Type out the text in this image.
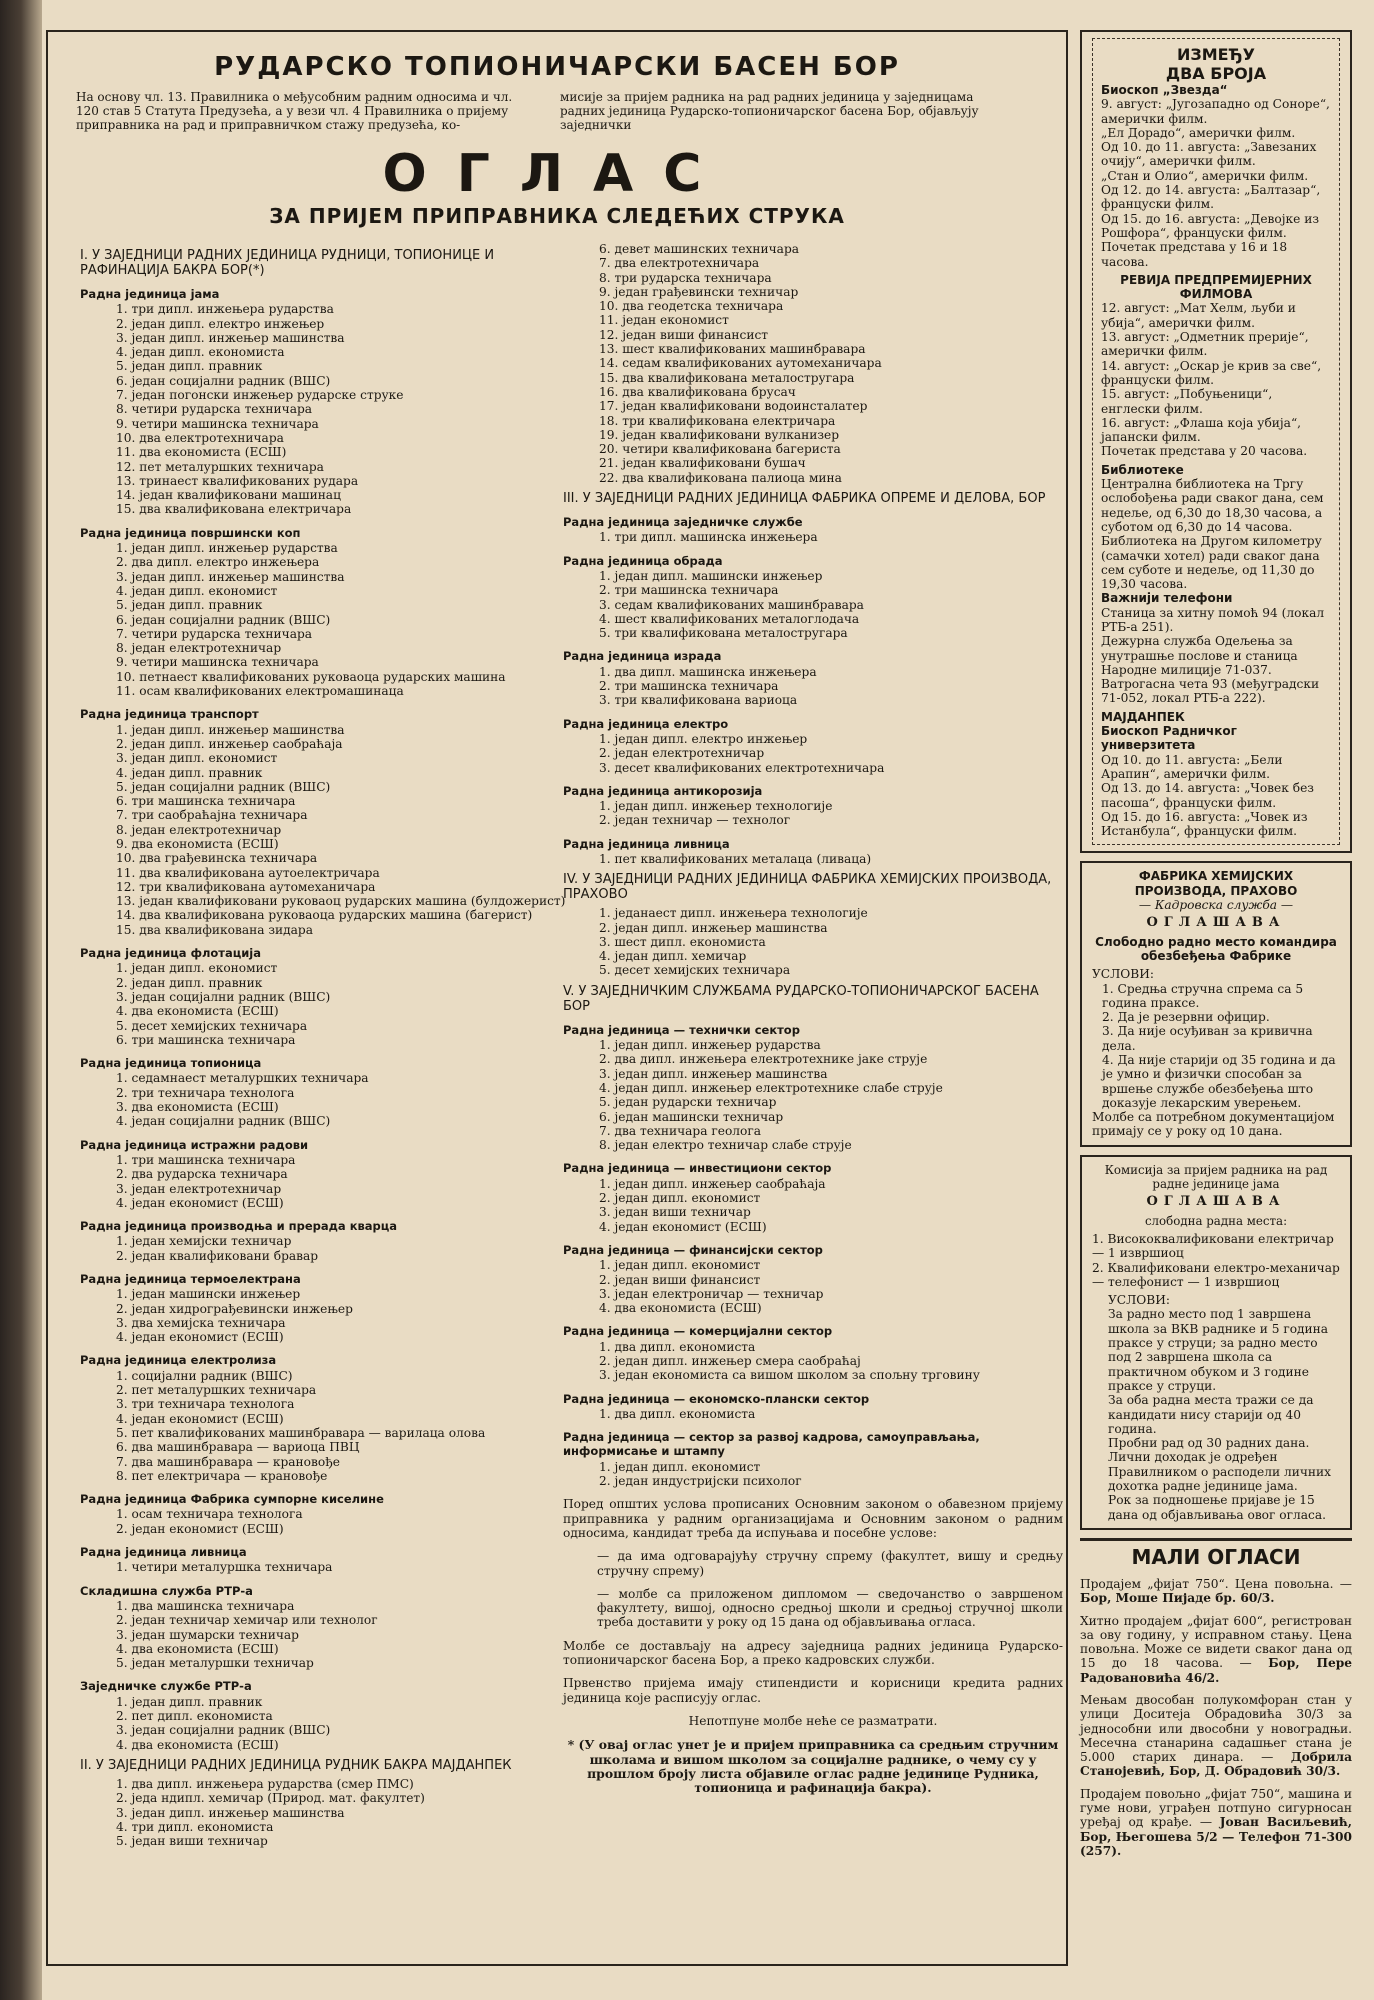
РУДАРСКО ТОПИОНИЧАРСКИ БАСЕН БОР
На основу чл. 13. Правилника о међусобним радним односима и чл. 120 став 5 Статута Предузећа, а у вези чл. 4 Правилника о пријему приправника на рад и приправничком стажу предузећа, ко-
мисије за пријем радника на рад радних јединица у заједницама радних јединица Рударско-топионичарског басена Бор, објављују заједнички
ОГЛАС
ЗА ПРИЈЕМ ПРИПРАВНИКА СЛЕДЕЋИХ СТРУКА
I. У ЗАЈЕДНИЦИ РАДНИХ ЈЕДИНИЦА РУДНИЦИ, ТОПИОНИЦЕ И РАФИНАЦИЈА БАКРА БОР(*)
Радна јединица јама
1. три дипл. инжењера рударства
2. један дипл. електро инжењер
3. један дипл. инжењер машинства
4. један дипл. економиста
5. један дипл. правник
6. један социјални радник (ВШС)
7. један погонски инжењер рударске струке
8. четири рударска техничара
9. четири машинска техничара
10. два електротехничара
11. два економиста (ЕСШ)
12. пет металуршких техничара
13. тринаест квалификованих рудара
14. један квалификовани машинац
15. два квалификована електричара
Радна јединица површински коп
1. један дипл. инжењер рударства
2. два дипл. електро инжењера
3. један дипл. инжењер машинства
4. један дипл. економист
5. један дипл. правник
6. један социјални радник (ВШС)
7. четири рударска техничара
8. један електротехничар
9. четири машинска техничара
10. петнаест квалификованих руковаоца рударских машина
11. осам квалификованих електромашинаца
Радна јединица транспорт
1. један дипл. инжењер машинства
2. један дипл. инжењер саобраћаја
3. један дипл. економист
4. један дипл. правник
5. један социјални радник (ВШС)
6. три машинска техничара
7. три саобраћајна техничара
8. један електротехничар
9. два економиста (ЕСШ)
10. два грађевинска техничара
11. два квалификована аутоелектричара
12. три квалификована аутомеханичара
13. један квалификовани руковаоц рударских машина (булдожерист)
14. два квалификована руковаоца рударских машина (багерист)
15. два квалификована зидара
Радна јединица флотација
1. један дипл. економист
2. један дипл. правник
3. један социјални радник (ВШС)
4. два економиста (ЕСШ)
5. десет хемијских техничара
6. три машинска техничара
Радна јединица топионица
1. седамнаест металуршких техничара
2. три техничара технолога
3. два економиста (ЕСШ)
4. један социјални радник (ВШС)
Радна јединица истражни радови
1. три машинска техничара
2. два рударска техничара
3. један електротехничар
4. један економист (ЕСШ)
Радна јединица производња и прерада кварца
1. један хемијски техничар
2. један квалификовани бравар
Радна јединица термоелектрана
1. један машински инжењер
2. један хидрограђевински инжењер
3. два хемијска техничара
4. један економист (ЕСШ)
Радна јединица електролиза
1. социјални радник (ВШС)
2. пет металуршких техничара
3. три техничара технолога
4. један економист (ЕСШ)
5. пет квалификованих машинбравара — варилаца олова
6. два машинбравара — вариоца ПВЦ
7. два машинбравара — крановође
8. пет електричара — крановође
Радна јединица Фабрика сумпорне киселине
1. осам техничара технолога
2. један економист (ЕСШ)
Радна јединица ливница
1. четири металуршка техничара
Складишна служба РТР-а
1. два машинска техничара
2. један техничар хемичар или технолог
3. један шумарски техничар
4. два економиста (ЕСШ)
5. један металуршки техничар
Заједничке службе РТР-а
1. један дипл. правник
2. пет дипл. економиста
3. један социјални радник (ВШС)
4. два економиста (ЕСШ)
II. У ЗАЈЕДНИЦИ РАДНИХ ЈЕДИНИЦА РУДНИК БАКРА МАЈДАНПЕК
1. два дипл. инжењера рударства (смер ПМС)
2. једа ндипл. хемичар (Природ. мат. факултет)
3. један дипл. инжењер машинства
4. три дипл. економиста
5. један виши техничар
6. девет машинских техничара
7. два електротехничара
8. три рударска техничара
9. један грађевински техничар
10. два геодетска техничара
11. један економист
12. један виши финансист
13. шест квалификованих машинбравара
14. седам квалификованих аутомеханичара
15. два квалификована металостругара
16. два квалификована брусач
17. један квалификовани водоинсталатер
18. три квалификована електричара
19. један квалификовани вулканизер
20. четири квалификована багериста
21. један квалификовани бушач
22. два квалификована палиоца мина
III. У ЗАЈЕДНИЦИ РАДНИХ ЈЕДИНИЦА ФАБРИКА ОПРЕМЕ И ДЕЛОВА, БОР
Радна јединица заједничке службе
1. три дипл. машинска инжењера
Радна јединица обрада
1. један дипл. машински инжењер
2. три машинска техничара
3. седам квалификованих машинбравара
4. шест квалификованих металоглодача
5. три квалификована металостругара
Радна јединица израда
1. два дипл. машинска инжењера
2. три машинска техничара
3. три квалификована вариоца
Радна јединица електро
1. један дипл. електро инжењер
2. један електротехничар
3. десет квалификованих електротехничара
Радна јединица антикорозија
1. један дипл. инжењер технологије
2. један техничар — технолог
Радна јединица ливница
1. пет квалификованих металаца (ливаца)
IV. У ЗАЈЕДНИЦИ РАДНИХ ЈЕДИНИЦА ФАБРИКА ХЕМИЈСКИХ ПРОИЗВОДА, ПРАХОВО
1. једанаест дипл. инжењера технологије
2. један дипл. инжењер машинства
3. шест дипл. економиста
4. један дипл. хемичар
5. десет хемијских техничара
V. У ЗАЈЕДНИЧКИМ СЛУЖБАМА РУДАРСКО-ТОПИОНИЧАРСКОГ БАСЕНА БОР
Радна јединица — технички сектор
1. један дипл. инжењер рударства
2. два дипл. инжењера електротехнике јаке струје
3. један дипл. инжењер машинства
4. један дипл. инжењер електротехнике слабе струје
5. један рударски техничар
6. један машински техничар
7. два техничара геолога
8. један електро техничар слабе струје
Радна јединица — инвестициони сектор
1. један дипл. инжењер саобраћаја
2. један дипл. економист
3. један виши техничар
4. један економист (ЕСШ)
Радна јединица — финансијски сектор
1. један дипл. економист
2. један виши финансист
3. један електроничар — техничар
4. два економиста (ЕСШ)
Радна јединица — комерцијални сектор
1. два дипл. економиста
2. један дипл. инжењер смера саобраћај
3. један економиста са вишом школом за спољну трговину
Радна јединица — економско-плански сектор
1. два дипл. економиста
Радна јединица — сектор за развој кадрова, самоуправљања, информисање и штампу
1. један дипл. економист
2. један индустријски психолог
Поред општих услова прописаних Основним законом о обавезном пријему приправника у радним организацијама и Основним законом о радним односима, кандидат треба да испуњава и посебне услове:
— да има одговарајућу стручну спрему (факултет, вишу и средњу стручну спрему)
— молбе са приложеном дипломом — сведочанство о завршеном факултету, вишој, односно средњој школи и средњој стручној школи треба доставити у року од 15 дана од објављивања огласа.
Молбе се достављају на адресу заједница радних јединица Рударско-топионичарског басена Бор, а преко кадровских служби.
Првенство пријема имају стипендисти и корисници кредита радних јединица које расписују оглас.
Непотпуне молбе неће се разматрати.
* (У овај оглас унет је и пријем приправника са средњим стручним школама и вишом школом за социјалне раднике, о чему су у прошлом броју листа објавиле оглас радне јединице Рудника, топионица и рафинација бакра).
ИЗМЕЂУ
ДВА БРОЈА
Биоскоп „Звезда“
9. август: „Југозападно од Соноре“, амерички филм.
„Ел Дорадо“, амерички филм.
Од 10. до 11. августа: „Завезаних очију“, амерички филм.
„Стан и Олио“, амерички филм.
Од 12. до 14. августа: „Балтазар“, француски филм.
Од 15. до 16. августа: „Девојке из Рошфора“, француски филм.
Почетак представа у 16 и 18 часова.
РЕВИЈА ПРЕДПРЕМИЈЕРНИХ ФИЛМОВА
12. август: „Мат Хелм, љуби и убија“, амерички филм.
13. август: „Одметник прерије“, амерички филм.
14. август: „Оскар је крив за све“, француски филм.
15. август: „Побуњеници“, енглески филм.
16. август: „Флаша која убија“, јапански филм.
Почетак представа у 20 часова.
Библиотеке
Централна библиотека на Тргу ослобођења ради сваког дана, сем недеље, од 6,30 до 18,30 часова, а суботом од 6,30 до 14 часова.
Библиотека на Другом километру (самачки хотел) ради сваког дана сем суботе и недеље, од 11,30 до 19,30 часова.
Важнији телефони
Станица за хитну помоћ 94 (локал РТБ-а 251).
Дежурна служба Одељења за унутрашње послове и станица Народне милиције 71-037.
Ватрогасна чета 93 (међуградски 71-052, локал РТБ-а 222).
МАЈДАНПЕК
Биоскоп Радничког универзитета
Од 10. до 11. августа: „Бели Арапин“, амерички филм.
Од 13. до 14. августа: „Човек без пасоша“, француски филм.
Од 15. до 16. августа: „Човек из Истанбула“, француски филм.
ФАБРИКА ХЕМИЈСКИХ ПРОИЗВОДА, ПРАХОВО
— Кадровска служба —
ОГЛАШАВА
Слободно радно место командира обезбеђења Фабрике
УСЛОВИ:
1. Средња стручна спрема са 5 година праксе.
2. Да је резервни официр.
3. Да није осуђиван за кривична дела.
4. Да није старији од 35 година и да је умно и физички способан за вршење службе обезбеђења што доказује лекарским уверењем.
Молбе са потребном документацијом примају се у року од 10 дана.
Комисија за пријем радника на рад радне јединице јама
ОГЛАШАВА
слободна радна места:
1. Висококвалификовани електричар — 1 извршиоц
2. Квалификовани електро-механичар — телефонист — 1 извршиоц
УСЛОВИ:
За радно место под 1 завршена школа за ВКВ раднике и 5 година праксе у струци; за радно место под 2 завршена школа са практичном обуком и 3 године праксе у струци.
За оба радна места тражи се да кандидати нису старији од 40 година.
Пробни рад од 30 радних дана.
Лични доходак је одређен Правилником о расподели личних дохотка радне јединице јама.
Рок за подношење пријаве је 15 дана од објављивања овог огласа.
МАЛИ ОГЛАСИ

Продајем „фијат 750“. Цена повољна. — Бор, Моше Пијаде бр. 60/3.

Хитно продајем „фијат 600“, регистрован за ову годину, у исправном стању. Цена повољна. Може се видети сваког дана од 15 до 18 часова. — Бор, Пере Радовановића 46/2.

Мењам двособан полукомфоран стан у улици Доситеја Обрадовића 30/3 за једнособни или двособни у новоградњи. Месечна станарина садашњег стана је 5.000 старих динара. — Добрила Станојевић, Бор, Д. Обрадовић 30/3.

Продајем повољно „фијат 750“, машина и гуме нови, уграђен потпуно сигурносан уређај од крађе. — Јован Васиљевић, Бор, Његошева 5/2 — Телефон 71-300 (257).
